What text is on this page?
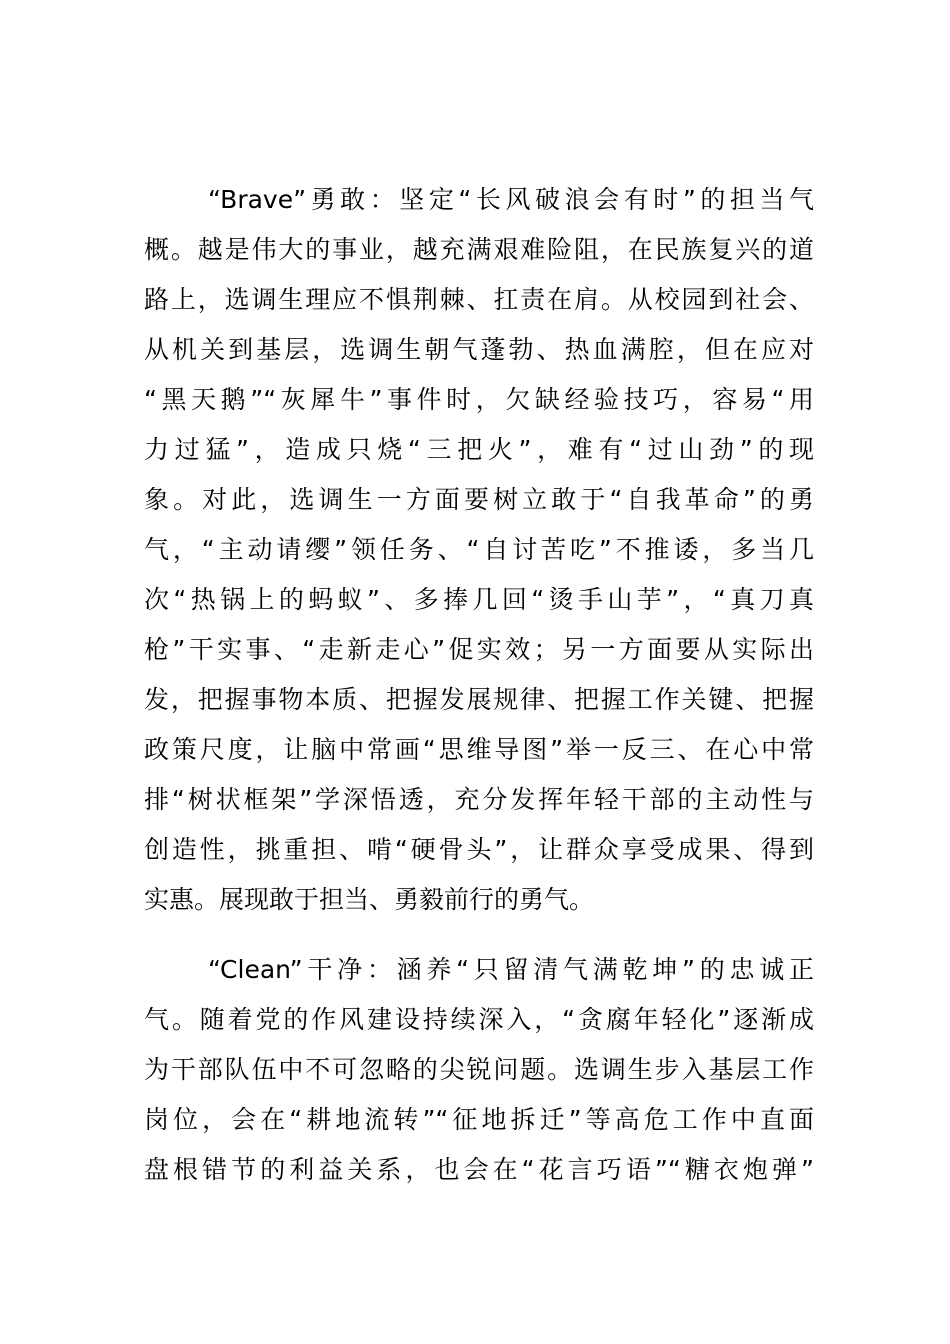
“Brave”勇敢：坚定“长风破浪会有时”的担当气
概。越是伟大的事业，越充满艰难险阻，在民族复兴的道
路上，选调生理应不惧荆棘、扛责在肩。从校园到社会、
从机关到基层，选调生朝气蓬勃、热血满腔，但在应对
“黑天鹅”“灰犀牛”事件时，欠缺经验技巧，容易“用
力过猛”，造成只烧“三把火”，难有“过山劲”的现
象。对此，选调生一方面要树立敢于“自我革命”的勇
气，“主动请缨”领任务、“自讨苦吃”不推诿，多当几
次“热锅上的蚂蚁”、多捧几回“烫手山芋”，“真刀真
枪”干实事、“走新走心”促实效；另一方面要从实际出
发，把握事物本质、把握发展规律、把握工作关键、把握
政策尺度，让脑中常画“思维导图”举一反三、在心中常
排“树状框架”学深悟透，充分发挥年轻干部的主动性与
创造性，挑重担、啃“硬骨头”，让群众享受成果、得到
实惠。展现敢于担当、勇毅前行的勇气。
“Clean”干净：涵养“只留清气满乾坤”的忠诚正
气。随着党的作风建设持续深入，“贪腐年轻化”逐渐成
为干部队伍中不可忽略的尖锐问题。选调生步入基层工作
岗位，会在“耕地流转”“征地拆迁”等高危工作中直面
盘根错节的利益关系，也会在“花言巧语”“糖衣炮弹”
